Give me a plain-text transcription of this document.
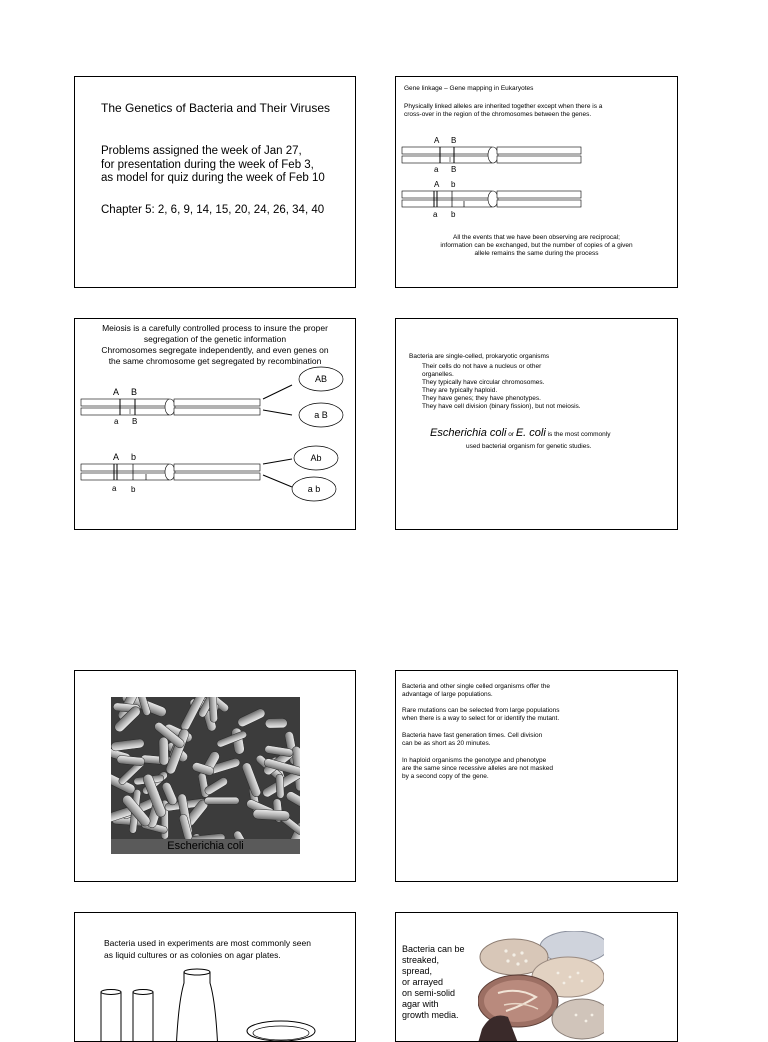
The Genetics of Bacteria and Their Viruses
Problems assigned the week of Jan 27,
for presentation during the week of Feb 3,
as model for quiz during the week of Feb 10
Chapter 5: 2, 6, 9, 14, 15, 20, 24, 26, 34, 40
Gene linkage – Gene mapping in Eukaryotes
Physically linked alleles are inherited together except when there is a
cross-over in the region of the chromosomes between the genes.
A B
a B
A b
a b
All the events that we have been observing are reciprocal;
information can be exchanged, but the number of copies of a given
allele remains the same during the process
Meiosis is a carefully controlled process to insure the proper
segregation of the genetic information
Chromosomes segregate independently, and even genes on
the same chromosome get segregated by recombination
A B
a B
A b
a b
AB
a B
Ab
a b
Bacteria are single-celled, prokaryotic organisms
Their cells do not have a nucleus or other
organelles.
They typically have circular chromosomes.
They are typically haploid.
They have genes; they have phenotypes.
They have cell division (binary fission), but not meiosis.
Escherichia coli or E. coli is the most commonly
used bacterial organism for genetic studies.
Escherichia coli
Bacteria and other single celled organisms offer the
advantage of large populations.
Rare mutations can be selected from large populations
when there is a way to select for or identify the mutant.
Bacteria have fast generation times. Cell division
can be as short as 20 minutes.
In haploid organisms the genotype and phenotype
are the same since recessive alleles are not masked
by a second copy of the gene.
Bacteria used in experiments are most commonly seen
as liquid cultures or as colonies on agar plates.
Bacteria can be
streaked,
spread,
or arrayed
on semi-solid
agar with
growth media.
